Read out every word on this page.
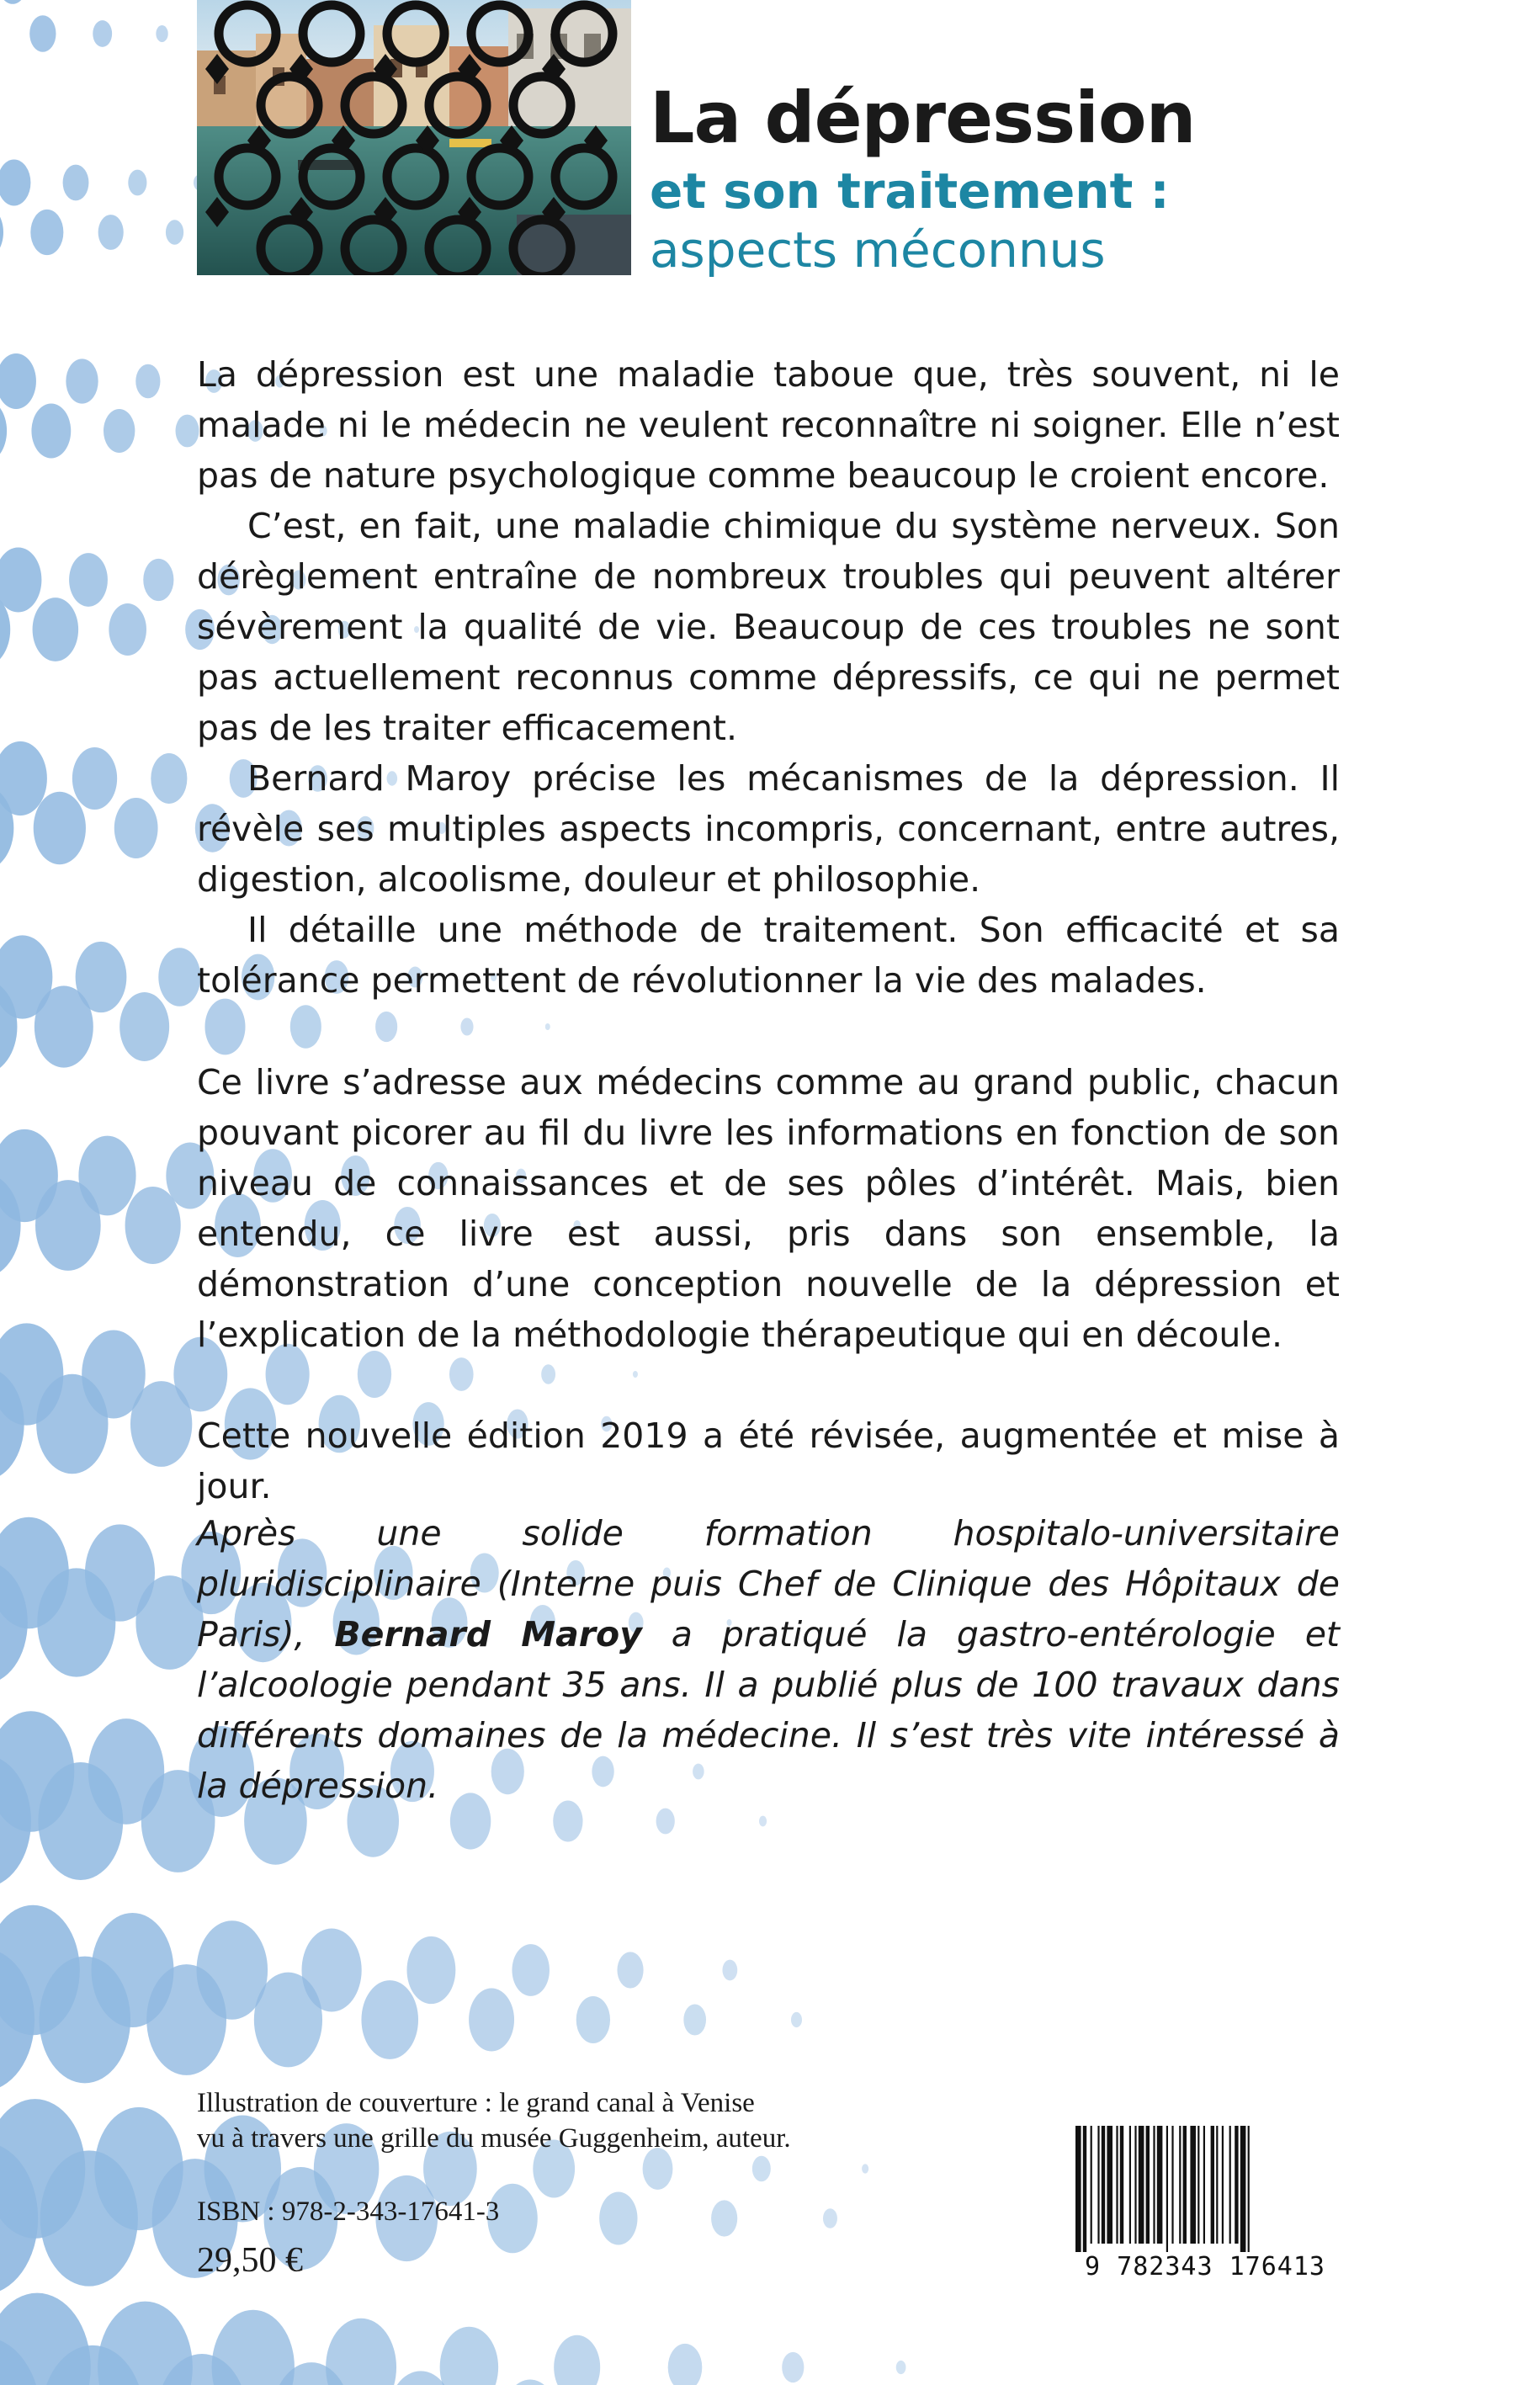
La dépression
et son traitement :
aspects méconnus

La dépression est une maladie taboue que, très souvent, ni le malade ni le médecin ne veulent reconnaître ni soigner. Elle n’est pas de nature psychologique comme beaucoup le croient encore.

C’est, en fait, une maladie chimique du système nerveux. Son dérèglement entraîne de nombreux troubles qui peuvent altérer sévèrement la qualité de vie. Beaucoup de ces troubles ne sont pas actuellement reconnus comme dépressifs, ce qui ne permet pas de les traiter efficacement.

Bernard Maroy précise les mécanismes de la dépression. Il révèle ses multiples aspects incompris, concernant, entre autres, digestion, alcoolisme, douleur et philosophie.

Il détaille une méthode de traitement. Son efficacité et sa tolérance permettent de révolutionner la vie des malades.

Ce livre s’adresse aux médecins comme au grand public, chacun pouvant picorer au fil du livre les informations en fonction de son niveau de connaissances et de ses pôles d’intérêt. Mais, bien entendu, ce livre est aussi, pris dans son ensemble, la démonstration d’une conception nouvelle de la dépression et l’explication de la méthodologie thérapeutique qui en découle.

Cette nouvelle édition 2019 a été révisée, augmentée et mise à jour.

Après une solide formation hospitalo-universitaire pluridisciplinaire (Interne puis Chef de Clinique des Hôpitaux de Paris), Bernard Maroy a pratiqué la gastro-entérologie et l’alcoologie pendant 35 ans. Il a publié plus de 100 travaux dans différents domaines de la médecine. Il s’est très vite intéressé à la dépression.

Illustration de couverture : le grand canal à Venise
vu à travers une grille du musée Guggenheim, auteur.
ISBN : 978-2-343-17641-3
29,50 €	9 782343 176413
